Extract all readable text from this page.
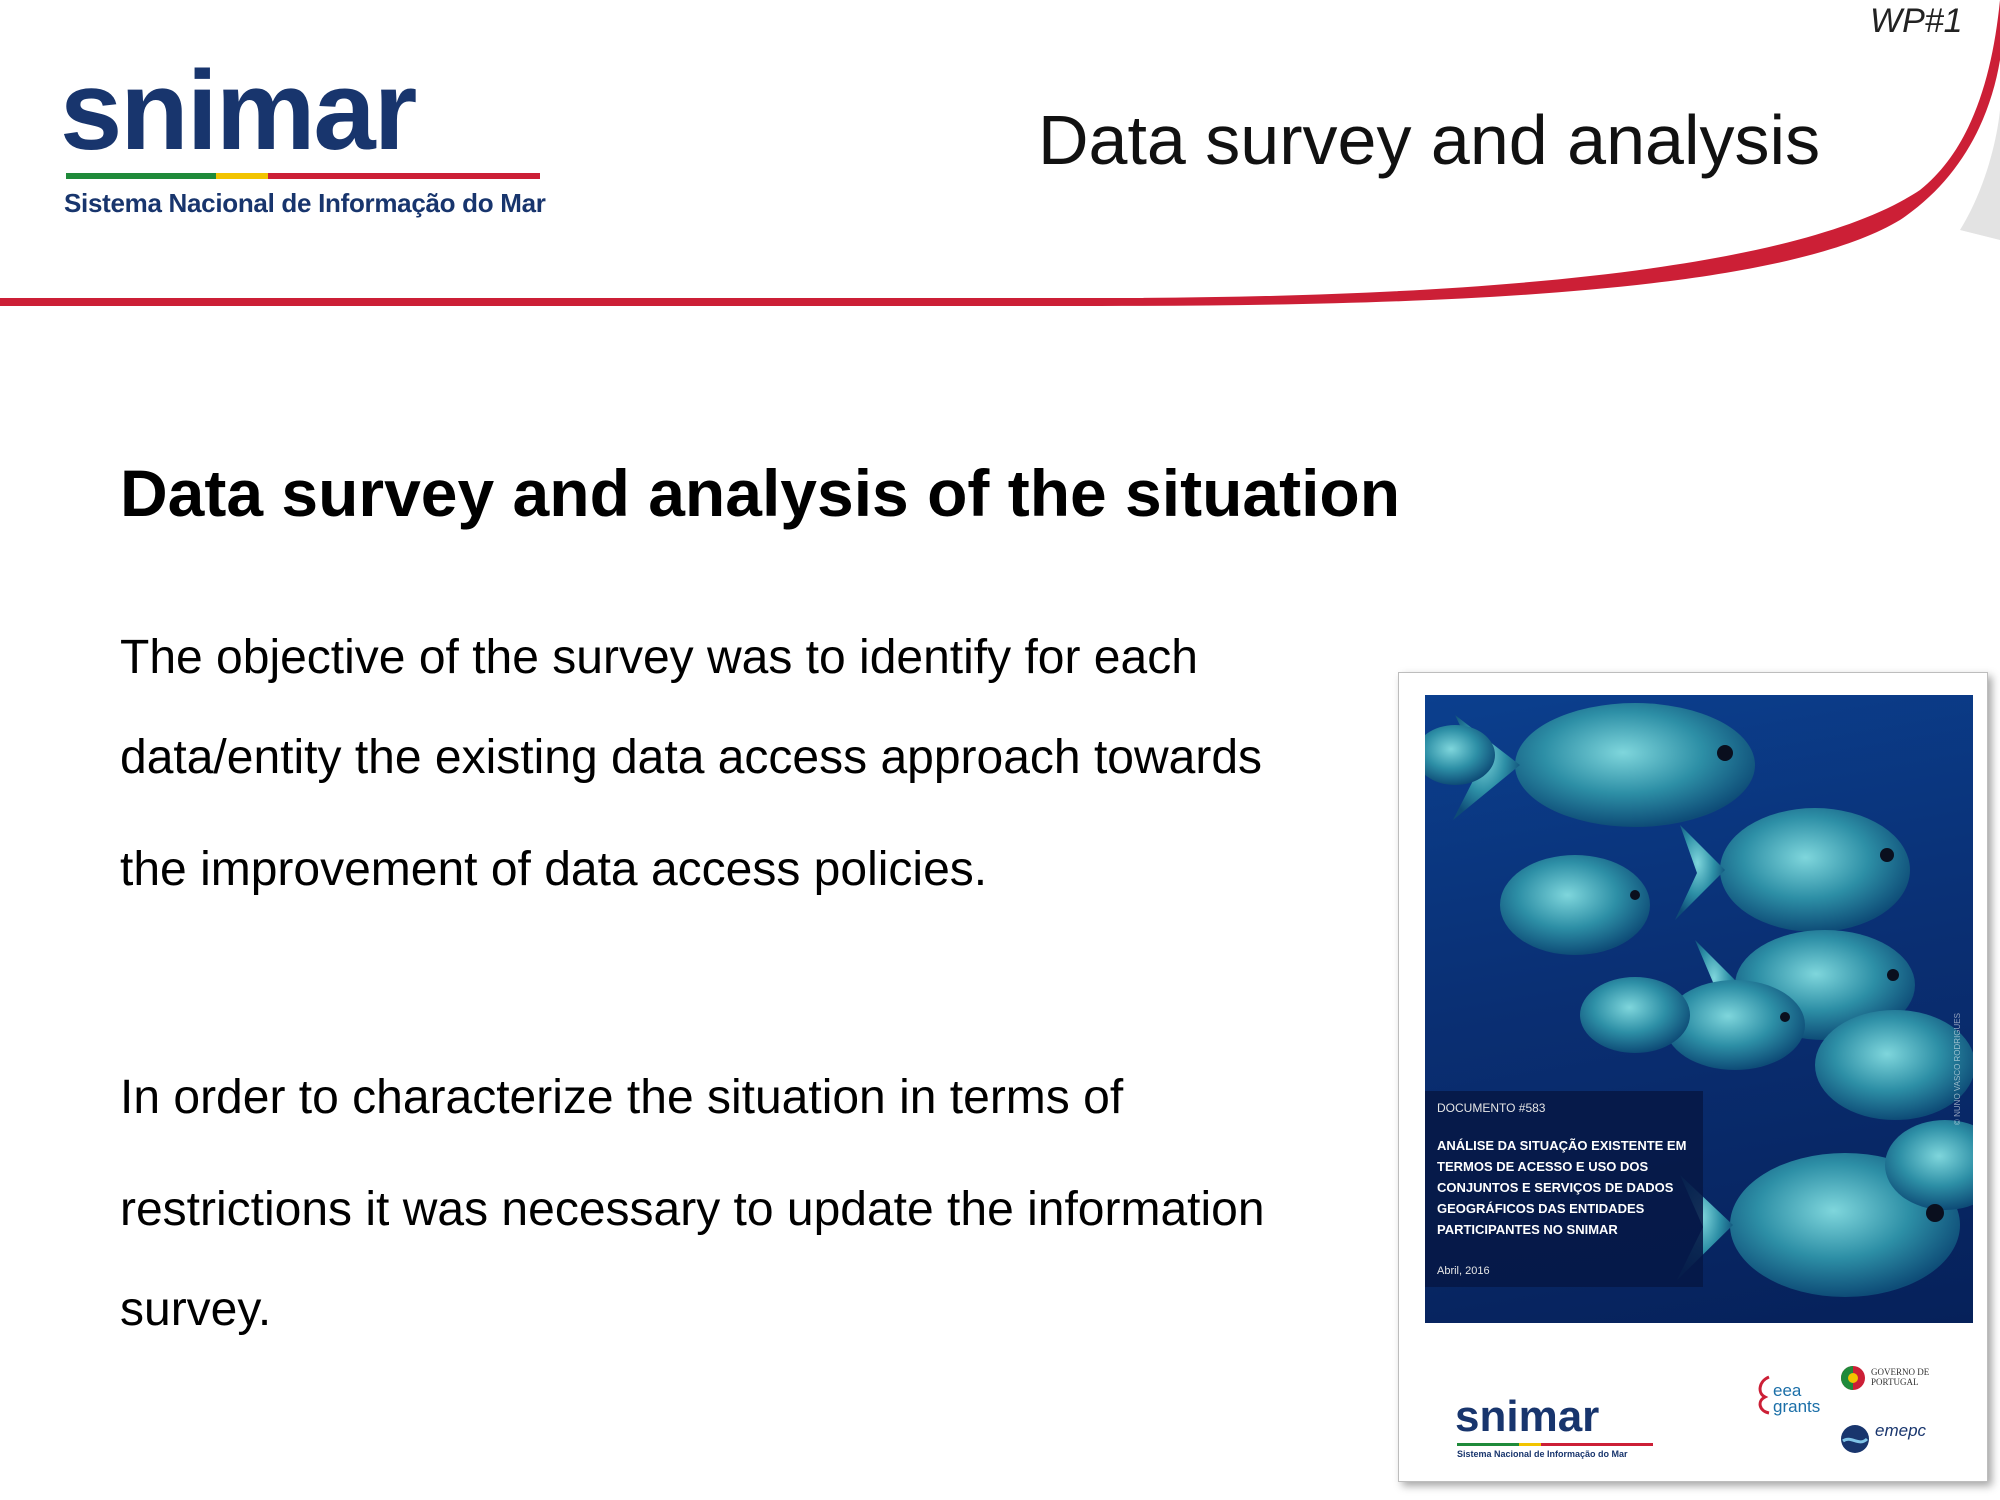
WP#1
Data survey and analysis
snimar
Sistema Nacional de Informação do Mar
Data survey and analysis of the situation
The objective of the survey was to identify for each
data/entity the existing data access approach towards
the improvement of data access policies.
In order to characterize the situation in terms of
restrictions it was necessary to update the information
survey.
DOCUMENTO #583
ANÁLISE DA SITUAÇÃO EXISTENTE EM TERMOS DE ACESSO E USO DOS CONJUNTOS E SERVIÇOS DE DADOS GEOGRÁFICOS DAS ENTIDADES PARTICIPANTES NO SNIMAR
Abril, 2016
© NUNO VASCO RODRIGUES
snimar
Sistema Nacional de Informação do Mar
eea
grants
GOVERNO DE
PORTUGAL
emepc
